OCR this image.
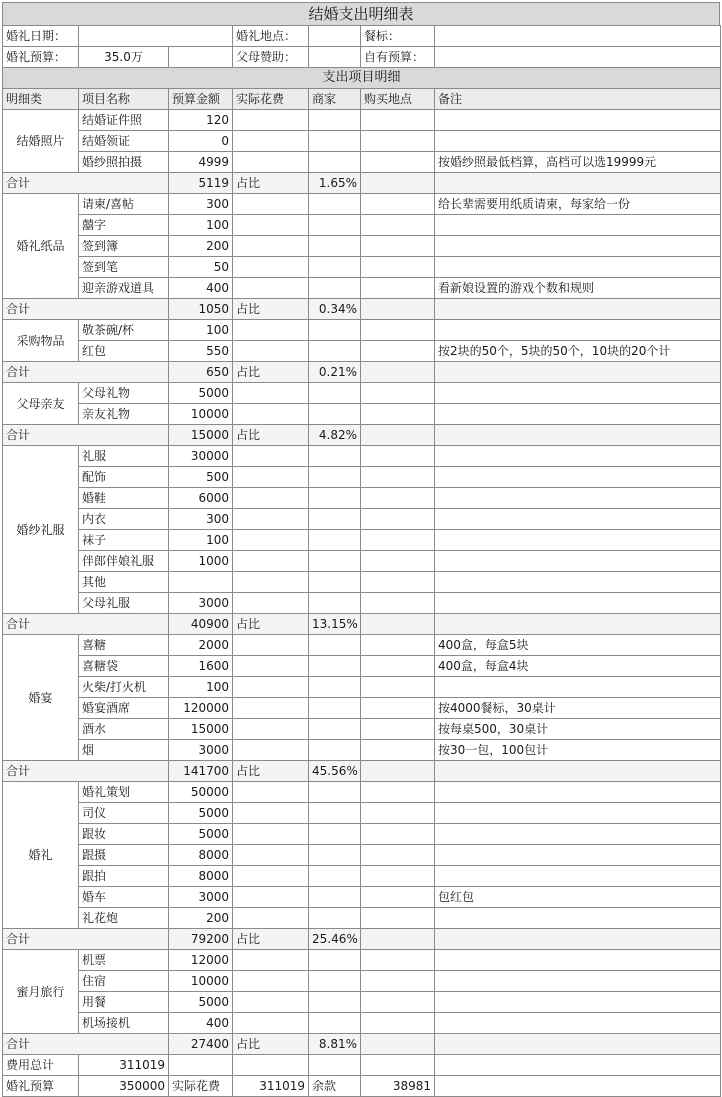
结婚支出明细表
婚礼日期：			婚礼地点：		餐标：	
婚礼预算：	35.0万		父母赞助：		自有预算：	
支出项目明细						
明细类	项目名称	预算金额	实际花费	商家	购买地点	备注
结婚照片	结婚证件照	120				
	结婚领证	0				
	婚纱照拍摄	4999				按婚纱照最低档算，高档可以选19999元
合计		5119	占比	1.65%		
婚礼纸品	请柬/喜帖	300				给长辈需要用纸质请柬，每家给一份
	囍字	100				
	签到簿	200				
	签到笔	50				
	迎亲游戏道具	400				看新娘设置的游戏个数和规则
合计		1050	占比	0.34%		
采购物品	敬茶碗/杯	100				
	红包	550				按2块的50个，5块的50个，10块的20个计
合计		650	占比	0.21%		
父母亲友	父母礼物	5000				
	亲友礼物	10000				
合计		15000	占比	4.82%		
婚纱礼服	礼服	30000				
	配饰	500				
	婚鞋	6000				
	内衣	300				
	袜子	100				
	伴郎伴娘礼服	1000				
	其他					
	父母礼服	3000				
合计		40900	占比	13.15%		
婚宴	喜糖	2000				400盒，每盒5块
	喜糖袋	1600				400盒，每盒4块
	火柴/打火机	100				
	婚宴酒席	120000				按4000餐标，30桌计
	酒水	15000				按每桌500，30桌计
	烟	3000				按30一包，100包计
合计		141700	占比	45.56%		
婚礼	婚礼策划	50000				
	司仪	5000				
	跟妆	5000				
	跟摄	8000				
	跟拍	8000				
	婚车	3000				包红包
	礼花炮	200				
合计		79200	占比	25.46%		
蜜月旅行	机票	12000				
	住宿	10000				
	用餐	5000				
	机场接机	400				
合计		27400	占比	8.81%		
费用总计	311019					
婚礼预算	350000	实际花费	311019	余款	38981	
